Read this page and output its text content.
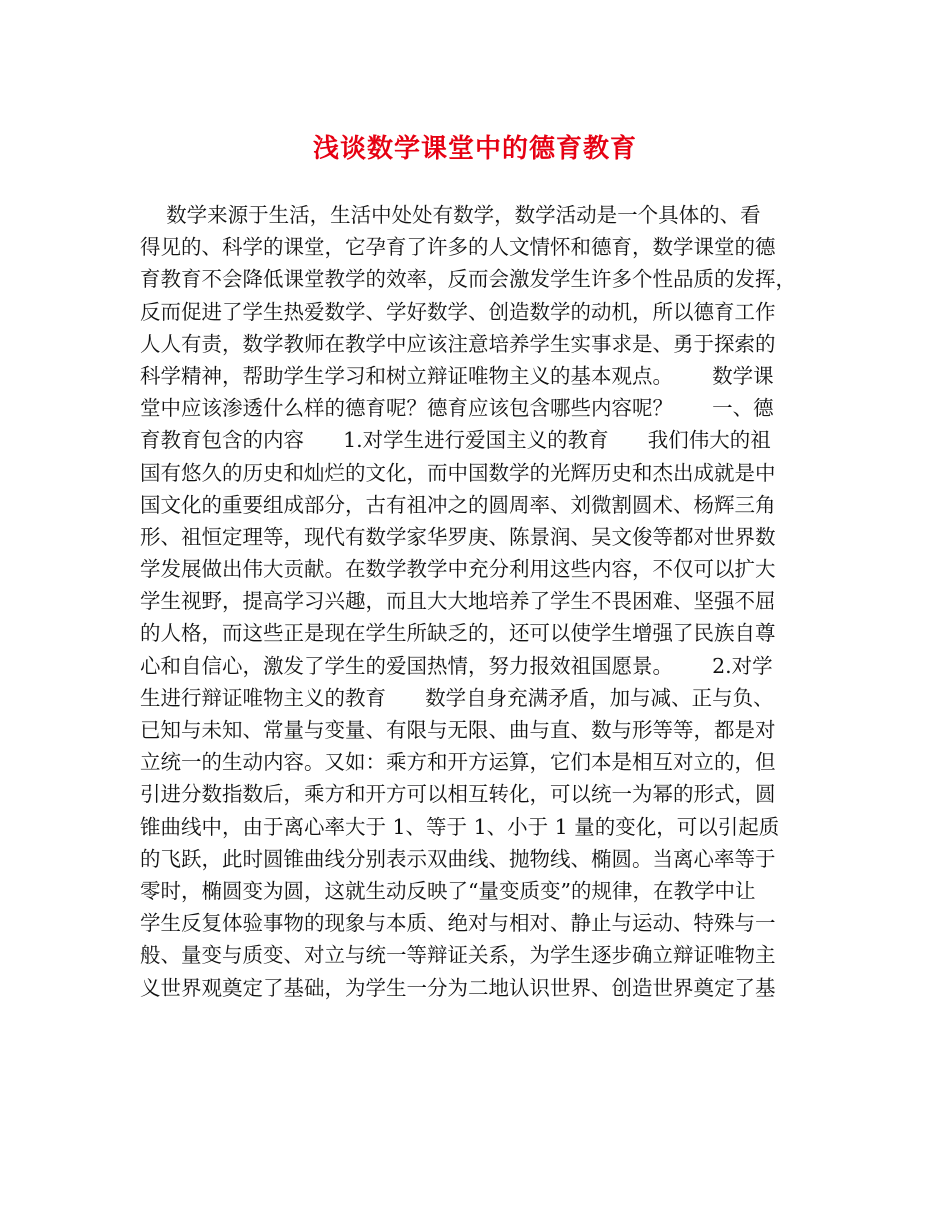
浅谈数学课堂中的德育教育
数学来源于生活，生活中处处有数学，数学活动是一个具体的、看
得见的、科学的课堂，它孕育了许多的人文情怀和德育，数学课堂的德
育教育不会降低课堂教学的效率，反而会激发学生许多个性品质的发挥，
反而促进了学生热爱数学、学好数学、创造数学的动机，所以德育工作
人人有责，数学教师在教学中应该注意培养学生实事求是、勇于探索的
科学精神，帮助学生学习和树立辩证唯物主义的基本观点。      数学课
堂中应该渗透什么样的德育呢？德育应该包含哪些内容呢？      一、德
育教育包含的内容      1.对学生进行爱国主义的教育      我们伟大的祖
国有悠久的历史和灿烂的文化，而中国数学的光辉历史和杰出成就是中
国文化的重要组成部分，古有祖冲之的圆周率、刘微割圆术、杨辉三角
形、祖恒定理等，现代有数学家华罗庚、陈景润、吴文俊等都对世界数
学发展做出伟大贡献。在数学教学中充分利用这些内容，不仅可以扩大
学生视野，提高学习兴趣，而且大大地培养了学生不畏困难、坚强不屈
的人格，而这些正是现在学生所缺乏的，还可以使学生增强了民族自尊
心和自信心，激发了学生的爱国热情，努力报效祖国愿景。      2.对学
生进行辩证唯物主义的教育      数学自身充满矛盾，加与减、正与负、
已知与未知、常量与变量、有限与无限、曲与直、数与形等等，都是对
立统一的生动内容。又如：乘方和开方运算，它们本是相互对立的，但
引进分数指数后，乘方和开方可以相互转化，可以统一为幂的形式，圆
锥曲线中，由于离心率大于 1、等于 1、小于 1 量的变化，可以引起质
的飞跃，此时圆锥曲线分别表示双曲线、抛物线、椭圆。当离心率等于
零时，椭圆变为圆，这就生动反映了“量变质变”的规律，在教学中让
学生反复体验事物的现象与本质、绝对与相对、静止与运动、特殊与一
般、量变与质变、对立与统一等辩证关系，为学生逐步确立辩证唯物主
义世界观奠定了基础，为学生一分为二地认识世界、创造世界奠定了基
